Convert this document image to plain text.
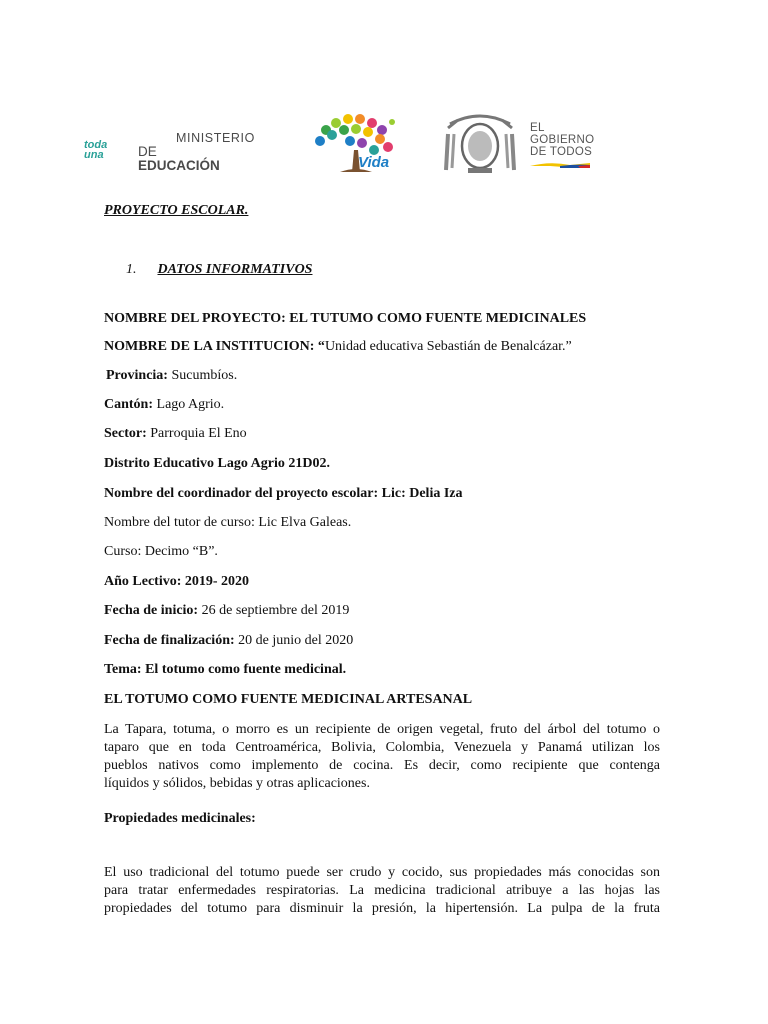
MINISTERIO
DE EDUCACIÓN
toda
una	Vida
EL
GOBIERNO
DE TODOS
PROYECTO ESCOLAR.
1. DATOS INFORMATIVOS
NOMBRE DEL PROYECTO: EL TUTUMO COMO FUENTE MEDICINALES
NOMBRE DE LA INSTITUCION: “Unidad educativa Sebastián de Benalcázar.”
Provincia: Sucumbíos.
Cantón: Lago Agrio.
Sector: Parroquia El Eno
Distrito Educativo Lago Agrio 21D02.
Nombre del coordinador del proyecto escolar: Lic: Delia Iza
Nombre del tutor de curso: Lic Elva Galeas.
Curso: Decimo “B”.
Año Lectivo: 2019- 2020
Fecha de inicio: 26 de septiembre del 2019
Fecha de finalización: 20 de junio del 2020
Tema: El totumo como fuente medicinal.
EL TOTUMO COMO FUENTE MEDICINAL ARTESANAL
La Tapara, totuma, o morro es un recipiente de origen vegetal, fruto del árbol del totumo o
taparo que en toda Centroamérica, Bolivia, Colombia, Venezuela y Panamá utilizan los
pueblos nativos como implemento de cocina. Es decir, como recipiente que contenga
líquidos y sólidos, bebidas y otras aplicaciones.
Propiedades medicinales:
El uso tradicional del totumo puede ser crudo y cocido, sus propiedades más conocidas son
para tratar enfermedades respiratorias. La medicina tradicional atribuye a las hojas las
propiedades del totumo para disminuir la presión, la hipertensión. La pulpa de la fruta
